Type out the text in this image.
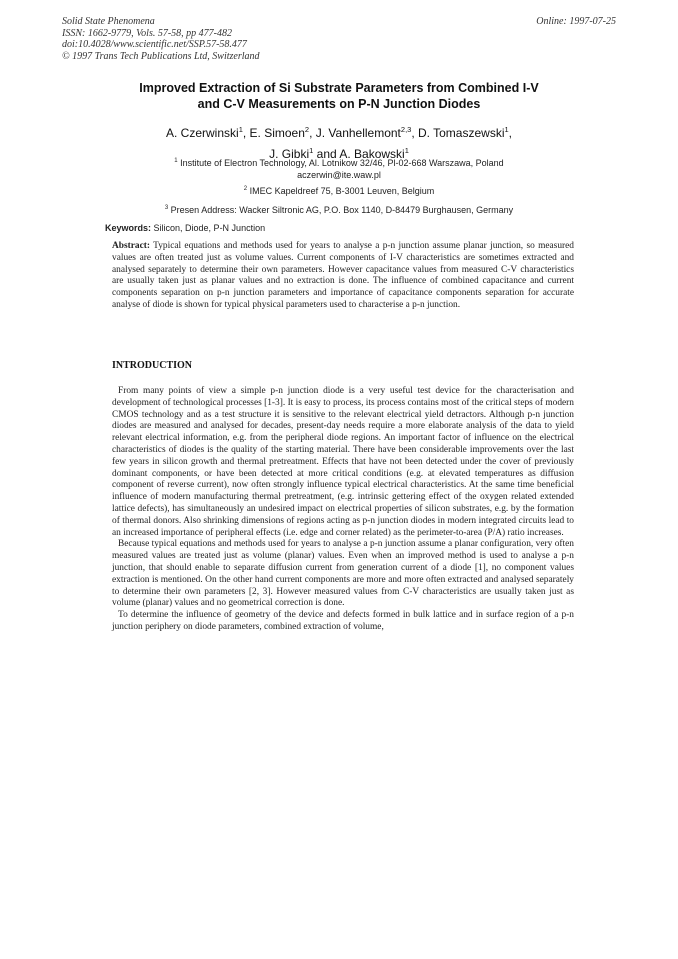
Solid State Phenomena
ISSN: 1662-9779, Vols. 57-58, pp 477-482
doi:10.4028/www.scientific.net/SSP.57-58.477
© 1997 Trans Tech Publications Ltd, Switzerland
Online: 1997-07-25
Improved Extraction of Si Substrate Parameters from Combined I-V
and C-V Measurements on P-N Junction Diodes
A. Czerwinski$^1$, E. Simoen$^2$, J. Vanhellemont$^{2,3}$, D. Tomaszewski$^1$,
J. Gibki$^1$ and A. Bakowski$^1$
$^1$ Institute of Electron Technology, Al. Lotnikow 32/46, Pl-02-668 Warszawa, Poland
aczerwin@ite.waw.pl
$^2$ IMEC Kapeldreef 75, B-3001 Leuven, Belgium
$^3$ Presen Address: Wacker Siltronic AG, P.O. Box 1140, D-84479 Burghausen, Germany
Keywords: Silicon, Diode, P-N Junction
Abstract: Typical equations and methods used for years to analyse a p-n junction assume planar junction, so measured values are often treated just as volume values. Current components of I-V characteristics are sometimes extracted and analysed separately to determine their own parameters. However capacitance values from measured C-V characteristics are usually taken just as planar values and no extraction is done. The influence of combined capacitance and current components separation on p-n junction parameters and importance of capacitance components separation for accurate analyse of diode is shown for typical physical parameters used to characterise a p-n junction.
INTRODUCTION

From many points of view a simple p-n junction diode is a very useful test device for the characterisation and development of technological processes [1-3]. It is easy to process, its process contains most of the critical steps of modern CMOS technology and as a test structure it is sensitive to the relevant electrical yield detractors. Although p-n junction diodes are measured and analysed for decades, present-day needs require a more elaborate analysis of the data to yield relevant electrical information, e.g. from the peripheral diode regions. An important factor of influence on the electrical characteristics of diodes is the quality of the starting material. There have been considerable improvements over the last few years in silicon growth and thermal pretreatment. Effects that have not been detected under the cover of previously dominant components, or have been detected at more critical conditions (e.g. at elevated temperatures as diffusion component of reverse current), now often strongly influence typical electrical characteristics. At the same time beneficial influence of modern manufacturing thermal pretreatment, (e.g. intrinsic gettering effect of the oxygen related extended lattice defects), has simultaneously an undesired impact on electrical properties of silicon substrates, e.g. by the formation of thermal donors. Also shrinking dimensions of regions acting as p-n junction diodes in modern integrated circuits lead to an increased importance of peripheral effects (i.e. edge and corner related) as the perimeter-to-area (P/A) ratio increases.

Because typical equations and methods used for years to analyse a p-n junction assume a planar configuration, very often measured values are treated just as volume (planar) values. Even when an improved method is used to analyse a p-n junction, that should enable to separate diffusion current from generation current of a diode [1], no component values extraction is mentioned. On the other hand current components are more and more often extracted and analysed separately to determine their own parameters [2, 3]. However measured values from C-V characteristics are usually taken just as volume (planar) values and no geometrical correction is done.

To determine the influence of geometry of the device and defects formed in bulk lattice and in surface region of a p-n junction periphery on diode parameters, combined extraction of volume,
